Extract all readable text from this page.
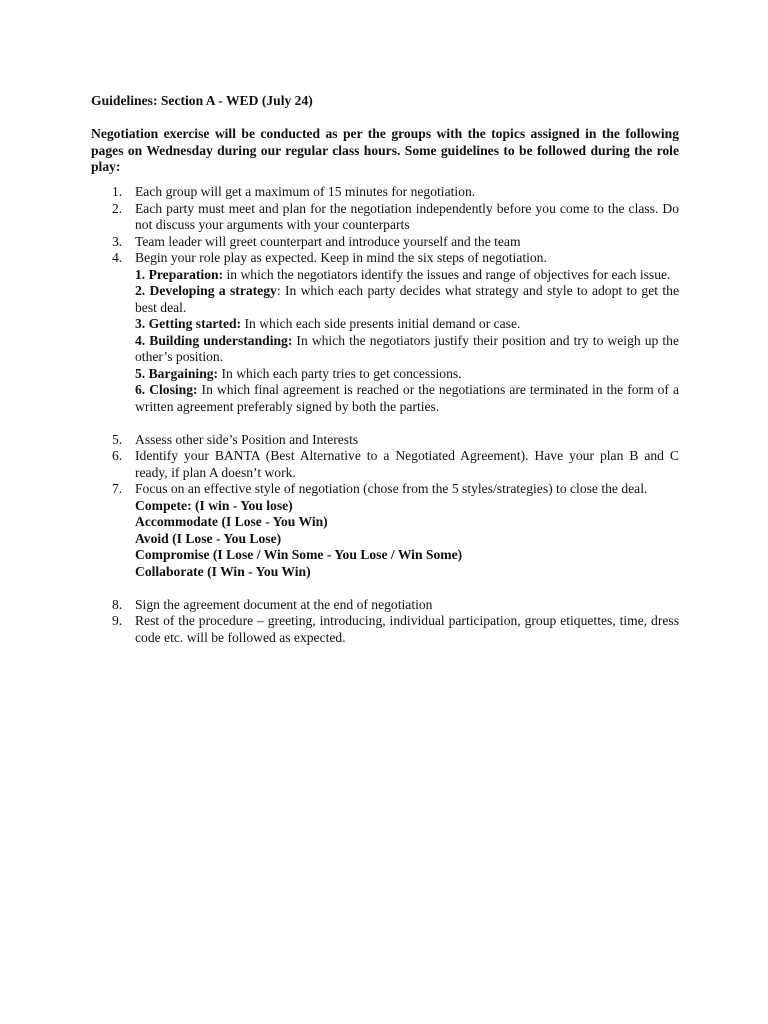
Guidelines: Section A - WED (July 24)

Negotiation exercise will be conducted as per the groups with the topics assigned in the following pages on Wednesday during our regular class hours. Some guidelines to be followed during the role play:

1. Each group will get a maximum of 15 minutes for negotiation.
2. Each party must meet and plan for the negotiation independently before you come to the class. Do not discuss your arguments with your counterparts
3. Team leader will greet counterpart and introduce yourself and the team
4. Begin your role play as expected. Keep in mind the six steps of negotiation.
1. Preparation: in which the negotiators identify the issues and range of objectives for each issue.
2. Developing a strategy: In which each party decides what strategy and style to adopt to get the best deal.
3. Getting started: In which each side presents initial demand or case.
4. Building understanding: In which the negotiators justify their position and try to weigh up the other’s position.
5. Bargaining: In which each party tries to get concessions.
6. Closing: In which final agreement is reached or the negotiations are terminated in the form of a written agreement preferably signed by both the parties.
5. Assess other side’s Position and Interests
6. Identify your BANTA (Best Alternative to a Negotiated Agreement). Have your plan B and C ready, if plan A doesn’t work.
7. Focus on an effective style of negotiation (chose from the 5 styles/strategies) to close the deal.
Compete: (I win - You lose)
Accommodate (I Lose - You Win)
Avoid (I Lose - You Lose)
Compromise (I Lose / Win Some - You Lose / Win Some)
Collaborate (I Win - You Win)
8. Sign the agreement document at the end of negotiation
9. Rest of the procedure – greeting, introducing, individual participation, group etiquettes, time, dress code etc. will be followed as expected.
